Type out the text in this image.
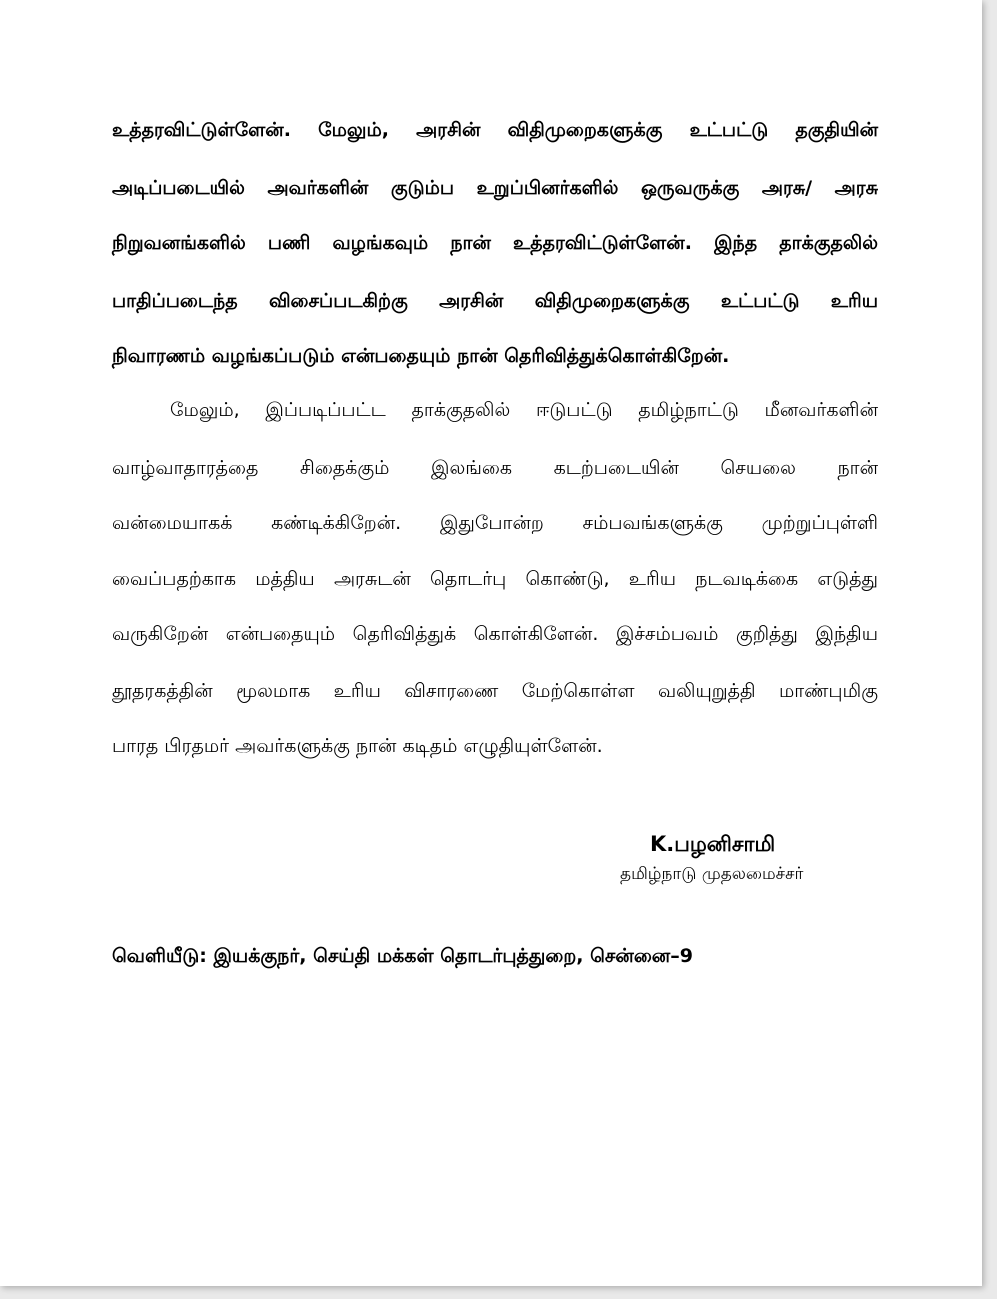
உத்தரவிட்டுள்ளேன். மேலும், அரசின் விதிமுறைகளுக்கு உட்பட்டு தகுதியின்
அடிப்படையில் அவர்களின் குடும்ப உறுப்பினர்களில் ஒருவருக்கு அரசு/ அரசு
நிறுவனங்களில் பணி வழங்கவும் நான் உத்தரவிட்டுள்ளேன். இந்த தாக்குதலில்
பாதிப்படைந்த விசைப்படகிற்கு அரசின் விதிமுறைகளுக்கு உட்பட்டு உரிய
நிவாரணம் வழங்கப்படும் என்பதையும் நான் தெரிவித்துக்கொள்கிறேன்.
மேலும், இப்படிப்பட்ட தாக்குதலில் ஈடுபட்டு தமிழ்நாட்டு மீனவர்களின்
வாழ்வாதாரத்தை சிதைக்கும் இலங்கை கடற்படையின் செயலை நான்
வன்மையாகக் கண்டிக்கிறேன். இதுபோன்ற சம்பவங்களுக்கு முற்றுப்புள்ளி
வைப்பதற்காக மத்திய அரசுடன் தொடர்பு கொண்டு, உரிய நடவடிக்கை எடுத்து
வருகிறேன் என்பதையும் தெரிவித்துக் கொள்கிளேன். இச்சம்பவம் குறித்து இந்திய
தூதரகத்தின் மூலமாக உரிய விசாரணை மேற்கொள்ள வலியுறுத்தி மாண்புமிகு
பாரத பிரதமர் அவர்களுக்கு நான் கடிதம் எழுதியுள்ளேன்.
K.பழனிசாமி
தமிழ்நாடு முதலமைச்சர்
வெளியீடு: இயக்குநர், செய்தி மக்கள் தொடர்புத்துறை, சென்னை–9
